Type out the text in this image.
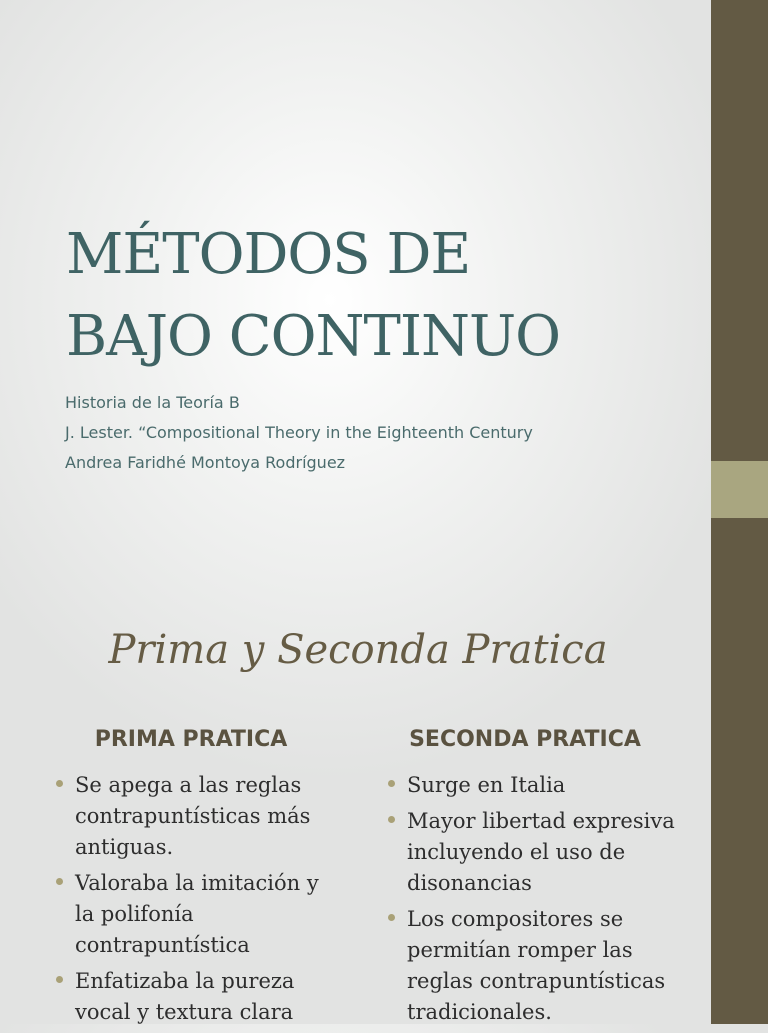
MÉTODOS DE
BAJO CONTINUO
Historia de la Teoría B
J. Lester. “Compositional Theory in the Eighteenth Century
Andrea Faridhé Montoya Rodríguez
Prima y Seconda Pratica
PRIMA PRATICA
Se apega a las reglas contrapuntísticas más antiguas.
Valoraba la imitación y la polifonía contrapuntística
Enfatizaba la pureza vocal y textura clara
SECONDA PRATICA
Surge en Italia
Mayor libertad expresiva incluyendo el uso de disonancias
Los compositores se permitían romper las reglas contrapuntísticas tradicionales.
